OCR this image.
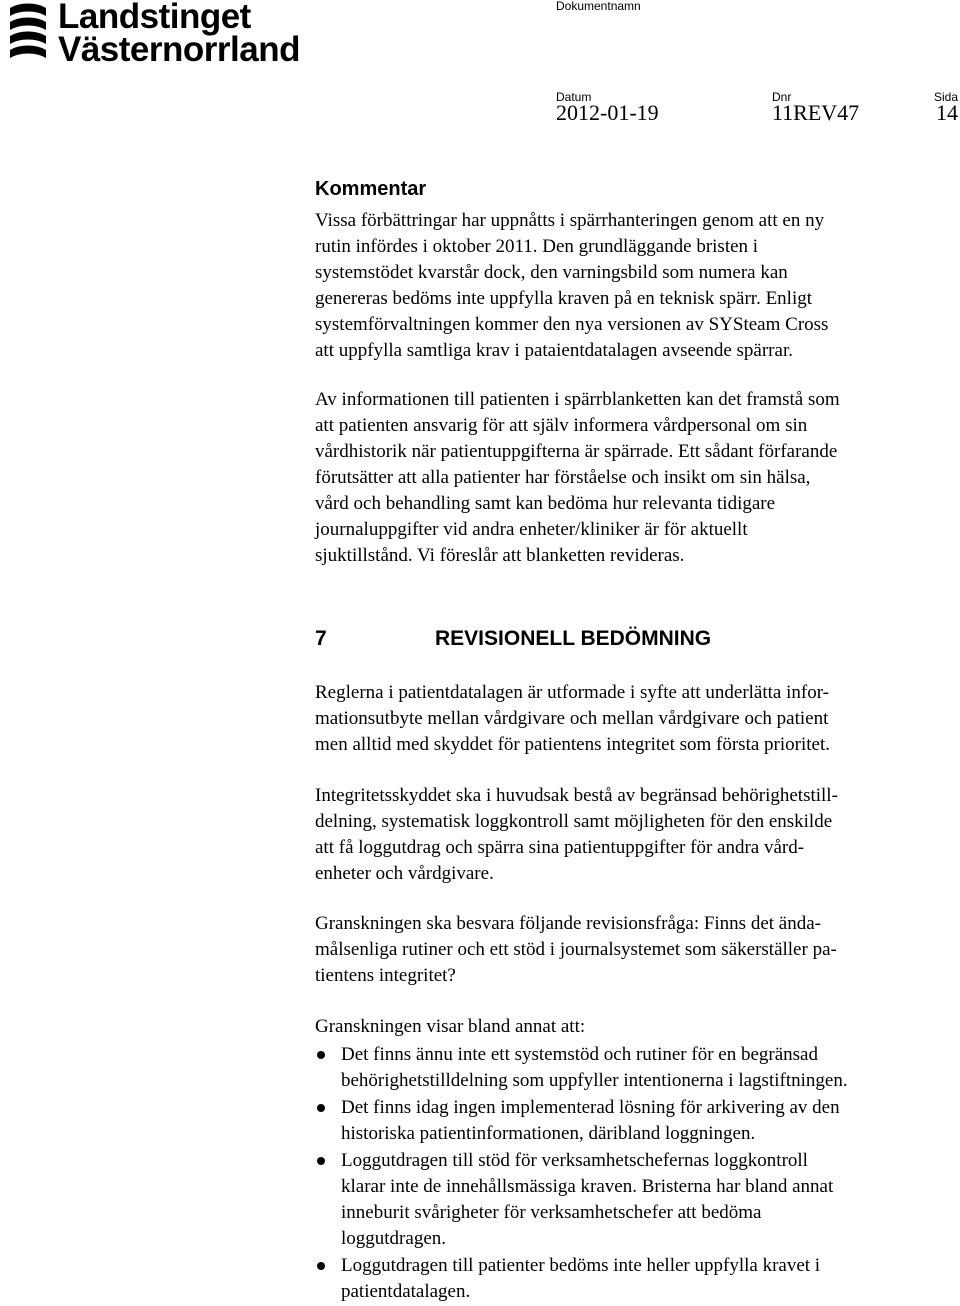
Landstinget
Västernorrland
Dokumentnamn
Datum
2012-01-19
Dnr
11REV47
Sida
14
Kommentar

Vissa förbättringar har uppnåtts i spärrhanteringen genom att en ny

rutin infördes i oktober 2011. Den grundläggande bristen i

systemstödet kvarstår dock, den varningsbild som numera kan

genereras bedöms inte uppfylla kraven på en teknisk spärr. Enligt

systemförvaltningen kommer den nya versionen av SYSteam Cross

att uppfylla samtliga krav i pataientdatalagen avseende spärrar.

Av informationen till patienten i spärrblanketten kan det framstå som

att patienten ansvarig för att själv informera vårdpersonal om sin

vårdhistorik när patientuppgifterna är spärrade. Ett sådant förfarande

förutsätter att alla patienter har förståelse och insikt om sin hälsa,

vård och behandling samt kan bedöma hur relevanta tidigare

journaluppgifter vid andra enheter/kliniker är för aktuellt

sjuktillstånd. Vi föreslår att blanketten revideras.

7	REVISIONELL BEDÖMNING

Reglerna i patientdatalagen är utformade i syfte att underlätta infor-

mationsutbyte mellan vårdgivare och mellan vårdgivare och patient

men alltid med skyddet för patientens integritet som första prioritet.

Integritetsskyddet ska i huvudsak bestå av begränsad behörighetstill-

delning, systematisk loggkontroll samt möjligheten för den enskilde

att få loggutdrag och spärra sina patientuppgifter för andra vård-

enheter och vårdgivare.

Granskningen ska besvara följande revisionsfråga: Finns det ända-

målsenliga rutiner och ett stöd i journalsystemet som säkerställer pa-

tientens integritet?

Granskningen visar bland annat att:

Det finns ännu inte ett systemstöd och rutiner för en begränsad
behörighetstilldelning som uppfyller intentionerna i lagstiftningen.
Det finns idag ingen implementerad lösning för arkivering av den
historiska patientinformationen, däribland loggningen.
Loggutdragen till stöd för verksamhetschefernas loggkontroll
klarar inte de innehållsmässiga kraven. Bristerna har bland annat
inneburit svårigheter för verksamhetschefer att bedöma
loggutdragen.
Loggutdragen till patienter bedöms inte heller uppfylla kravet i
patientdatalagen.
